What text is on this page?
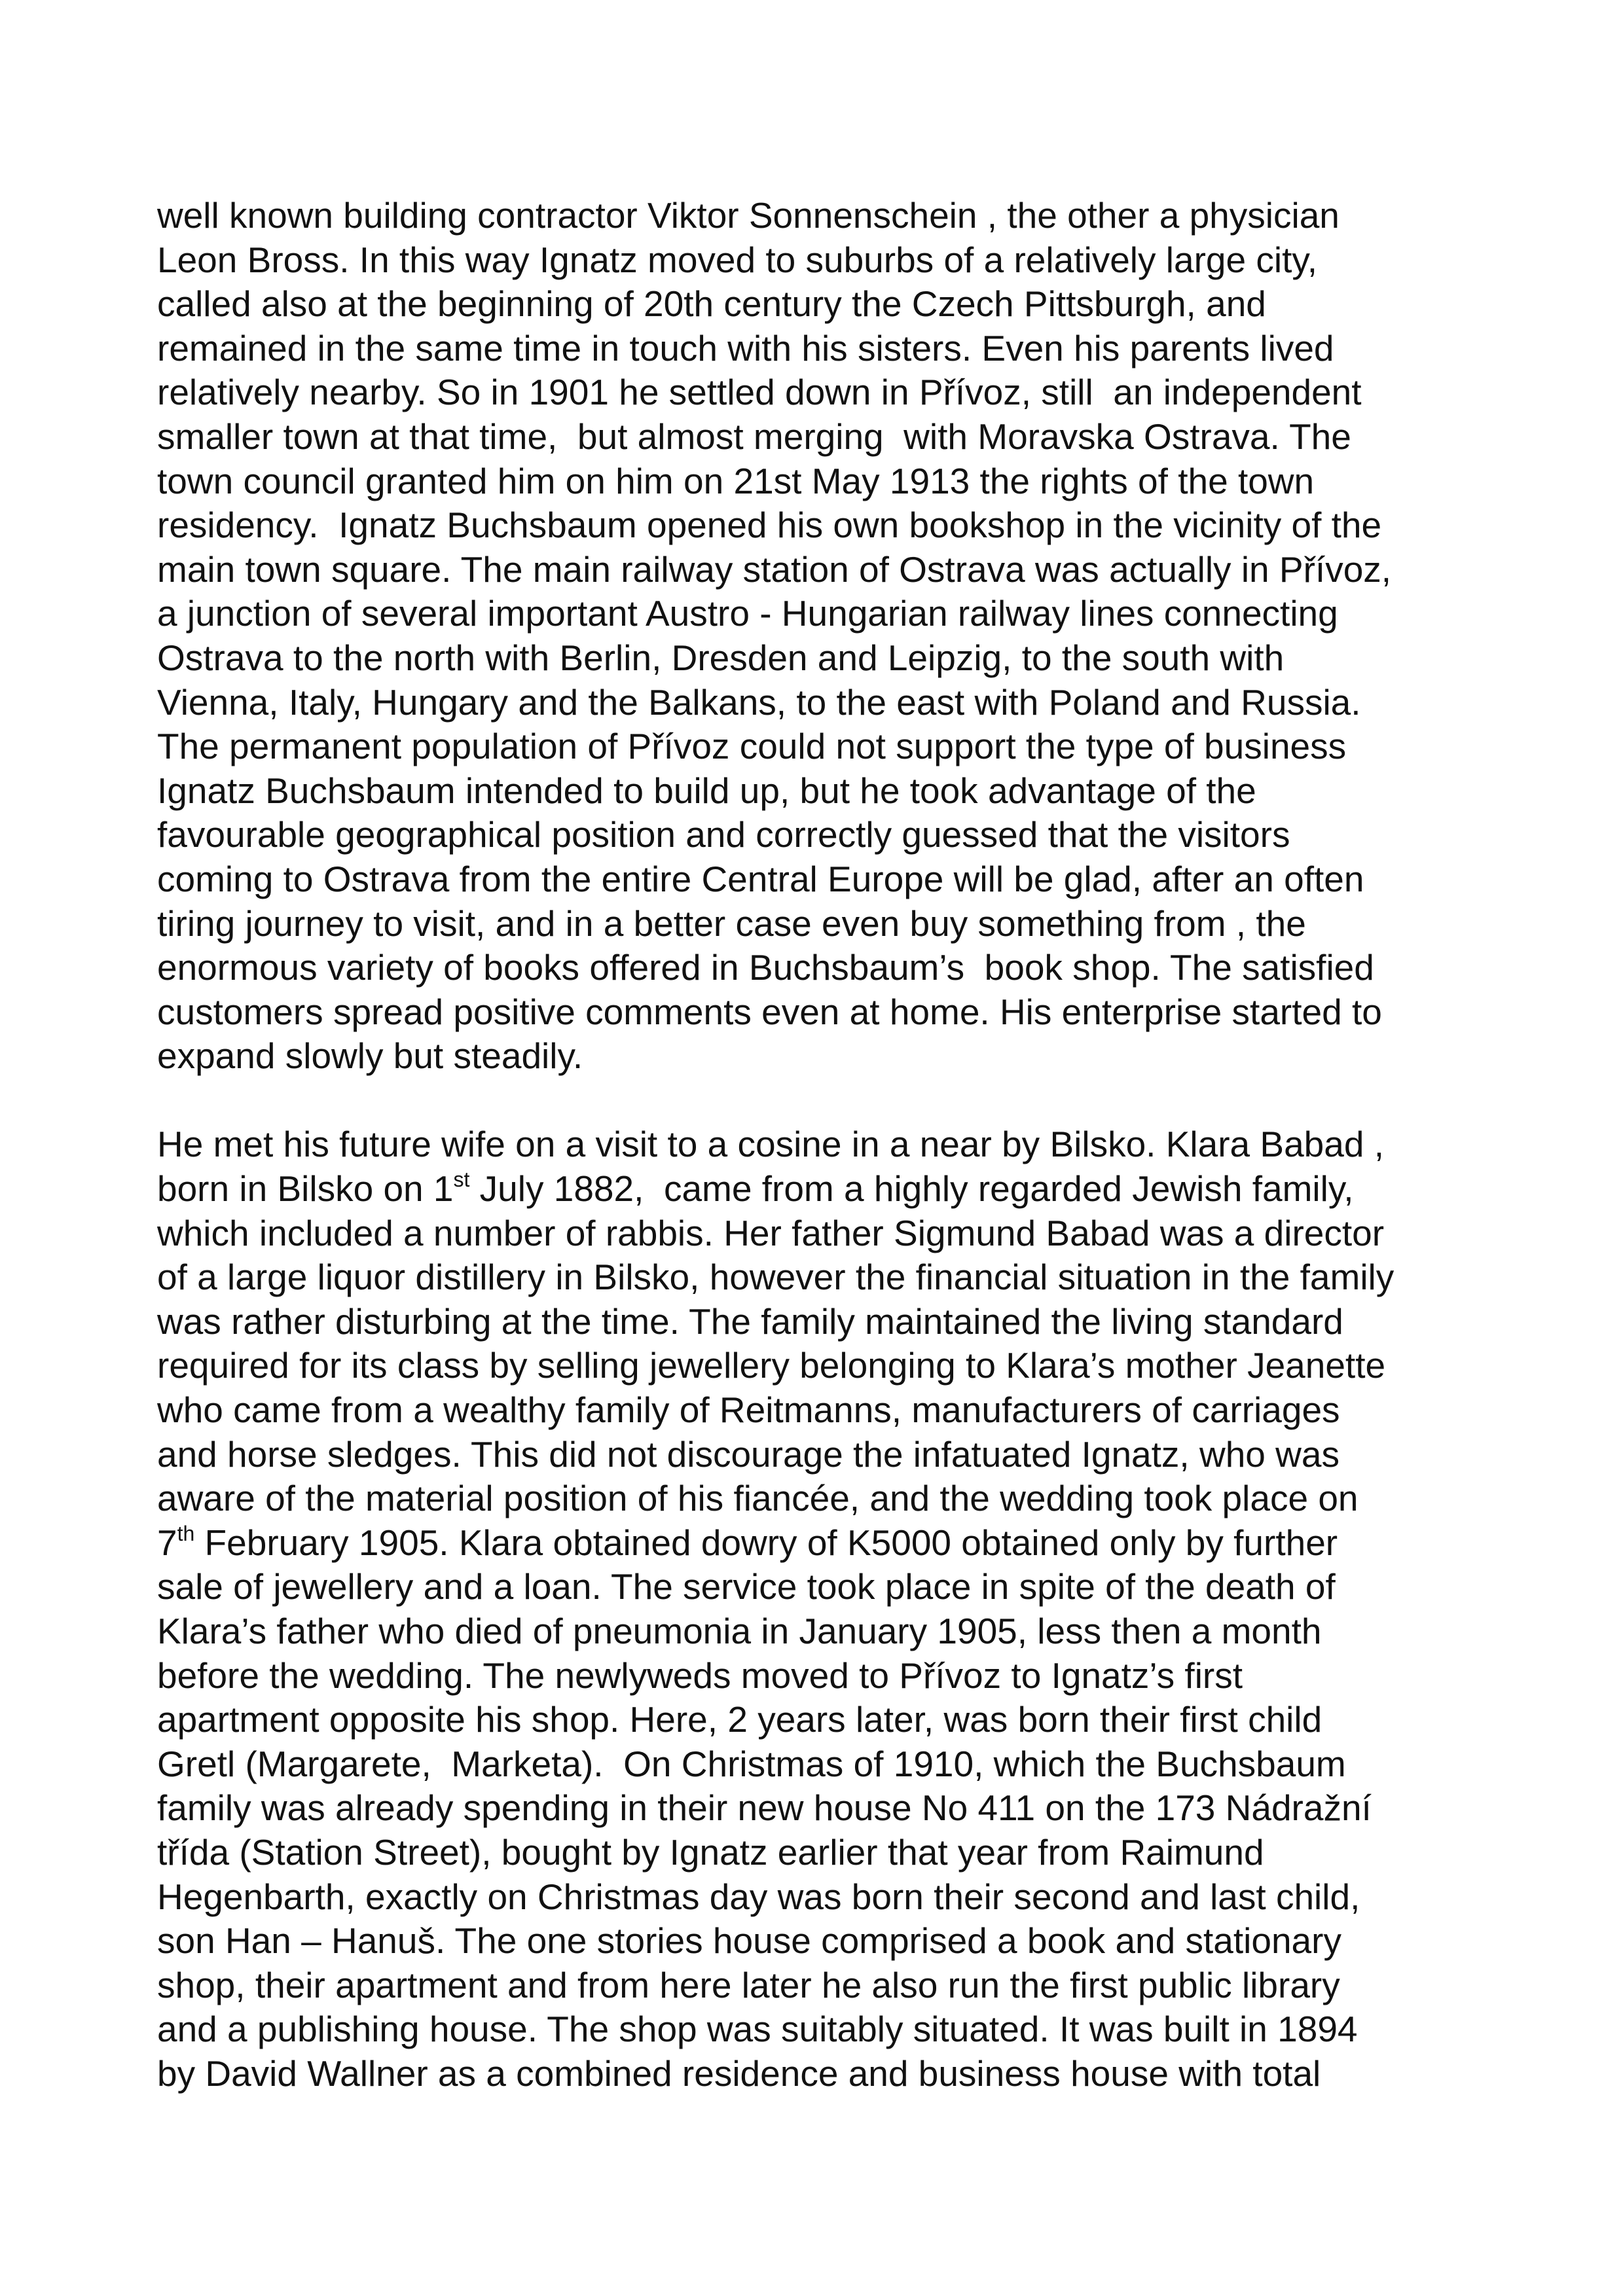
well known building contractor Viktor Sonnenschein , the other a physician
Leon Bross. In this way Ignatz moved to suburbs of a relatively large city,
called also at the beginning of 20th century the Czech Pittsburgh, and
remained in the same time in touch with his sisters. Even his parents lived
relatively nearby. So in 1901 he settled down in Přívoz, still  an independent
smaller town at that time,  but almost merging  with Moravska Ostrava. The
town council granted him on him on 21st May 1913 the rights of the town
residency.  Ignatz Buchsbaum opened his own bookshop in the vicinity of the
main town square. The main railway station of Ostrava was actually in Přívoz,
a junction of several important Austro - Hungarian railway lines connecting
Ostrava to the north with Berlin, Dresden and Leipzig, to the south with
Vienna, Italy, Hungary and the Balkans, to the east with Poland and Russia.
The permanent population of Přívoz could not support the type of business
Ignatz Buchsbaum intended to build up, but he took advantage of the
favourable geographical position and correctly guessed that the visitors
coming to Ostrava from the entire Central Europe will be glad, after an often
tiring journey to visit, and in a better case even buy something from , the
enormous variety of books offered in Buchsbaum’s  book shop. The satisfied
customers spread positive comments even at home. His enterprise started to
expand slowly but steadily.
He met his future wife on a visit to a cosine in a near by Bilsko. Klara Babad ,
born in Bilsko on 1st July 1882,  came from a highly regarded Jewish family,
which included a number of rabbis. Her father Sigmund Babad was a director
of a large liquor distillery in Bilsko, however the financial situation in the family
was rather disturbing at the time. The family maintained the living standard
required for its class by selling jewellery belonging to Klara’s mother Jeanette
who came from a wealthy family of Reitmanns, manufacturers of carriages
and horse sledges. This did not discourage the infatuated Ignatz, who was
aware of the material position of his fiancée, and the wedding took place on
7th February 1905. Klara obtained dowry of K5000 obtained only by further
sale of jewellery and a loan. The service took place in spite of the death of
Klara’s father who died of pneumonia in January 1905, less then a month
before the wedding. The newlyweds moved to Přívoz to Ignatz’s first
apartment opposite his shop. Here, 2 years later, was born their first child
Gretl (Margarete,  Marketa).  On Christmas of 1910, which the Buchsbaum
family was already spending in their new house No 411 on the 173 Nádražní
třída (Station Street), bought by Ignatz earlier that year from Raimund
Hegenbarth, exactly on Christmas day was born their second and last child,
son Han – Hanuš. The one stories house comprised a book and stationary
shop, their apartment and from here later he also run the first public library
and a publishing house. The shop was suitably situated. It was built in 1894
by David Wallner as a combined residence and business house with total
